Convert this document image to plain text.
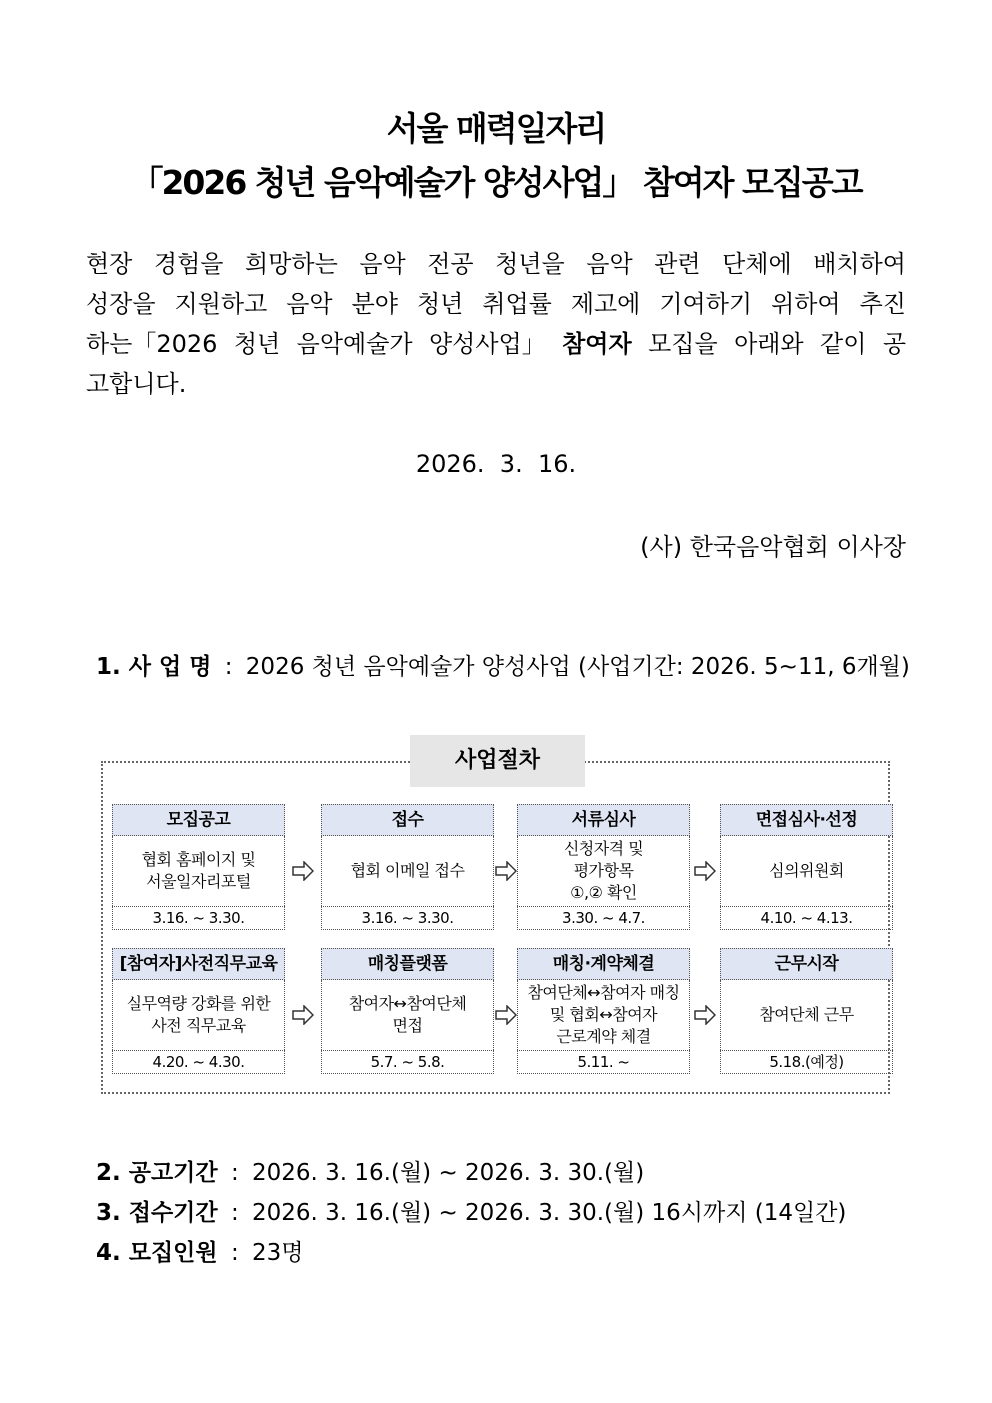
서울 매력일자리
「2026 청년 음악예술가 양성사업」 참여자 모집공고
현장 경험을 희망하는 음악 전공 청년을 음악 관련 단체에 배치하여
성장을 지원하고 음악 분야 청년 취업률 제고에 기여하기 위하여 추진
하는「2026 청년 음악예술가 양성사업」 참여자 모집을 아래와 같이 공
고합니다.
2026.  3.  16.
(사) 한국음악협회 이사장
1. 사 업 명 : 2026 청년 음악예술가 양성사업 (사업기간: 2026. 5~11, 6개월)
사업절차
모집공고
협회 홈페이지 및
서울일자리포털
3.16. ~ 3.30.
접수
협회 이메일 접수
3.16. ~ 3.30.
서류심사
신청자격 및
평가항목
①,② 확인
3.30. ~ 4.7.
면접심사·선정
심의위원회
4.10. ~ 4.13.
[참여자]사전직무교육
실무역량 강화를 위한
사전 직무교육
4.20. ~ 4.30.
매칭플랫폼
참여자↔참여단체
면접
5.7. ~ 5.8.
매칭·계약체결
참여단체↔참여자 매칭
및 협회↔참여자
근로계약 체결
5.11. ~
근무시작
참여단체 근무
5.18.(예정)
2. 공고기간 : 2026. 3. 16.(월) ~ 2026. 3. 30.(월)
3. 접수기간 : 2026. 3. 16.(월) ~ 2026. 3. 30.(월) 16시까지 (14일간)
4. 모집인원 : 23명
